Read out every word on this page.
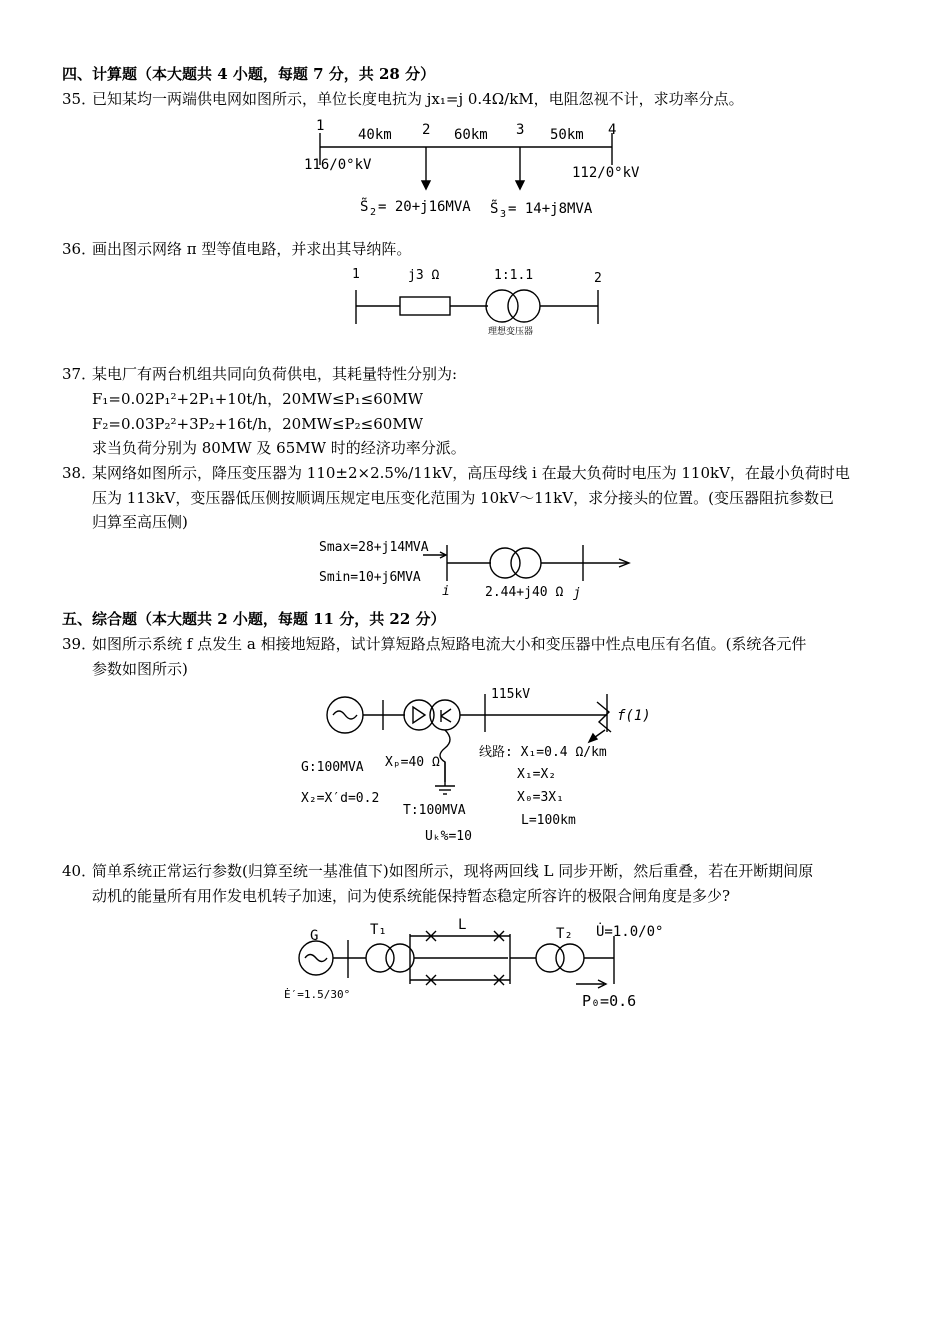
四、计算题（本大题共 4 小题，每题 7 分，共 28 分）
35．
已知某均一两端供电网如图所示，单位长度电抗为 jx₁=j 0.4Ω/kM，电阻忽视不计，求功率分点。
1	2	3	4
40km	60km	50km
116/0°kV	112/0°kV
S̃ 2 = 20+j16MVA S̃ 3 = 14+j8MVA
36．
画出图示网络 π 型等值电路，并求出其导纳阵。
1	2
j3 Ω	1:1.1
理想变压器
37．
某电厂有两台机组共同向负荷供电，其耗量特性分别为:
F₁=0.02P₁²+2P₁+10t/h，20MW≤P₁≤60MW
F₂=0.03P₂²+3P₂+16t/h，20MW≤P₂≤60MW
求当负荷分别为 80MW 及 65MW 时的经济功率分派。
38．
某网络如图所示，降压变压器为 110±2×2.5%/11kV，高压母线 i 在最大负荷时电压为 110kV，在最小负荷时电
压为 113kV，变压器低压侧按顺调压规定电压变化范围为 10kV～11kV，求分接头的位置。(变压器阻抗参数已
归算至高压侧)
Smax=28+j14MVA
Smin=10+j6MVA
i	j
2.44+j40 Ω
五、综合题（本大题共 2 小题，每题 11 分，共 22 分）
39．
如图所示系统 f 点发生 a 相接地短路，试计算短路点短路电流大小和变压器中性点电压有名值。(系统各元件
参数如图所示)
115kV
f(1)
线路: X₁=0.4 Ω/km
X₁=X₂
X₀=3X₁
L=100km
Xₚ=40 Ω
G:100MVA
X₂=X′d=0.2
T:100MVA
Uₖ%=10
40．
简单系统正常运行参数(归算至统一基准值下)如图所示，现将两回线 L 同步开断，然后重叠，若在开断期间原
动机的能量所有用作发电机转子加速，问为使系统能保持暂态稳定所容许的极限合闸角度是多少?
G	T₁	L
T₂ U̇=1.0/0°
Ė′=1.5/30°	P₀=0.6
